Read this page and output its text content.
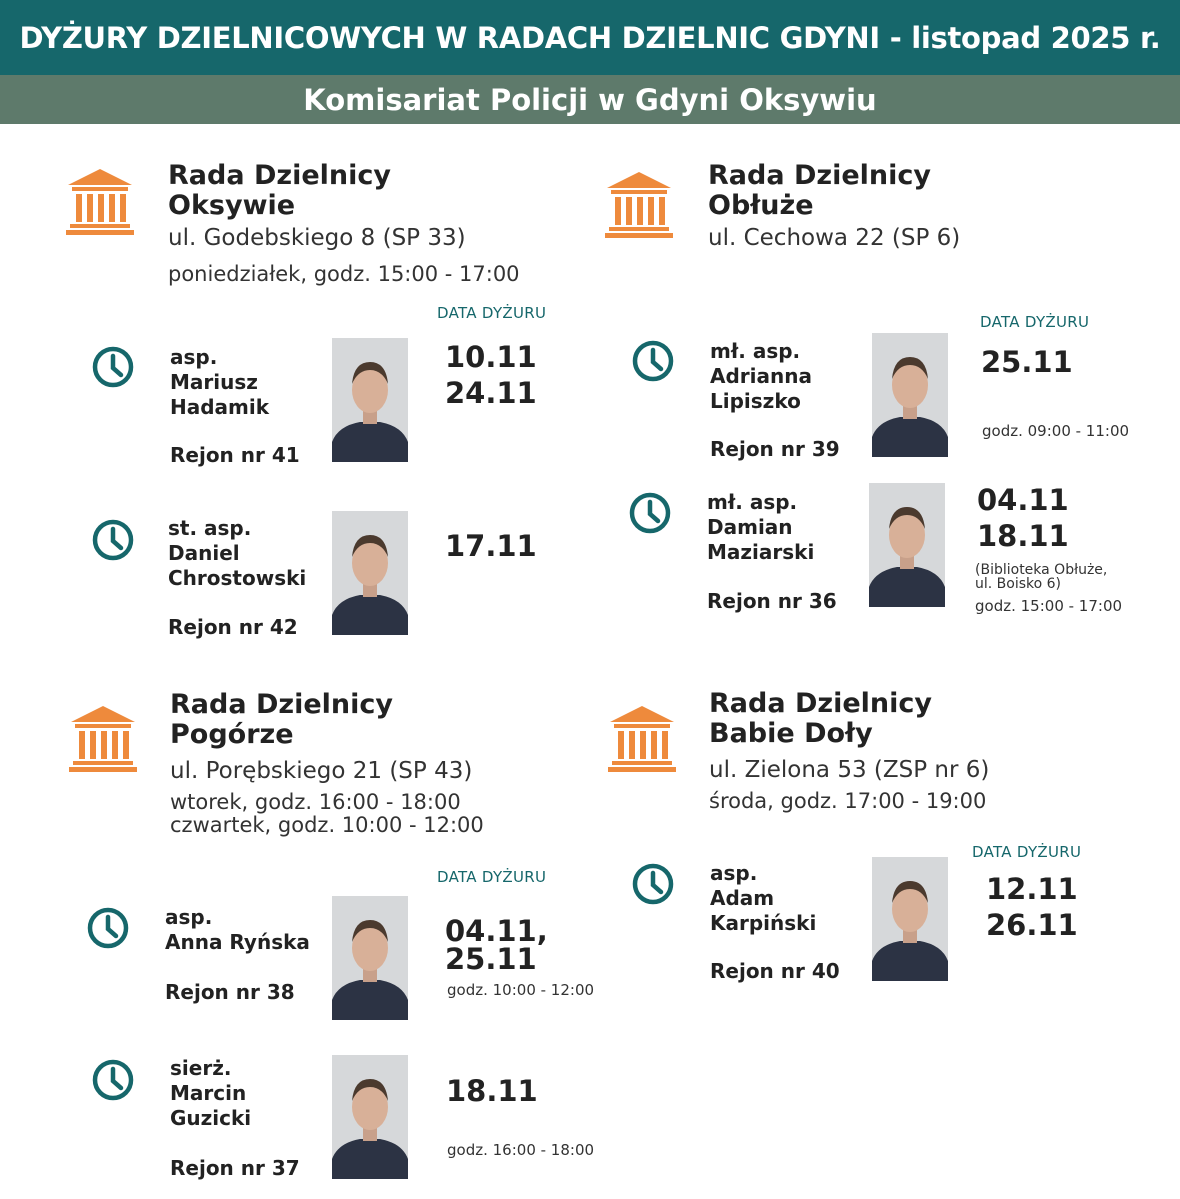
DYŻURY DZIELNICOWYCH W RADACH DZIELNIC GDYNI - listopad 2025 r.
Komisariat Policji w Gdyni Oksywiu
Rada Dzielnicy
Oksywie
ul. Godebskiego 8 (SP 33)
poniedziałek, godz. 15:00 - 17:00
DATA DYŻURU
asp.
Mariusz
Hadamik
Rejon nr 41
10.11
24.11
st. asp.
Daniel
Chrostowski
Rejon nr 42
17.11
Rada Dzielnicy
Obłuże
ul. Cechowa 22 (SP 6)
DATA DYŻURU
mł. asp.
Adrianna
Lipiszko
Rejon nr 39
25.11
godz. 09:00 - 11:00
mł. asp.
Damian
Maziarski
Rejon nr 36
04.11
18.11
(Biblioteka Obłuże,
ul. Boisko 6)
godz. 15:00 - 17:00
Rada Dzielnicy
Pogórze
ul. Porębskiego 21 (SP 43)
wtorek, godz. 16:00 - 18:00
czwartek, godz. 10:00 - 12:00
DATA DYŻURU
asp.
Anna Ryńska
Rejon nr 38
04.11,
25.11
godz. 10:00 - 12:00
sierż.
Marcin
Guzicki
Rejon nr 37
18.11
godz. 16:00 - 18:00
Rada Dzielnicy
Babie Doły
ul. Zielona 53 (ZSP nr 6)
środa, godz. 17:00 - 19:00
DATA DYŻURU
asp.
Adam
Karpiński
Rejon nr 40
12.11
26.11
